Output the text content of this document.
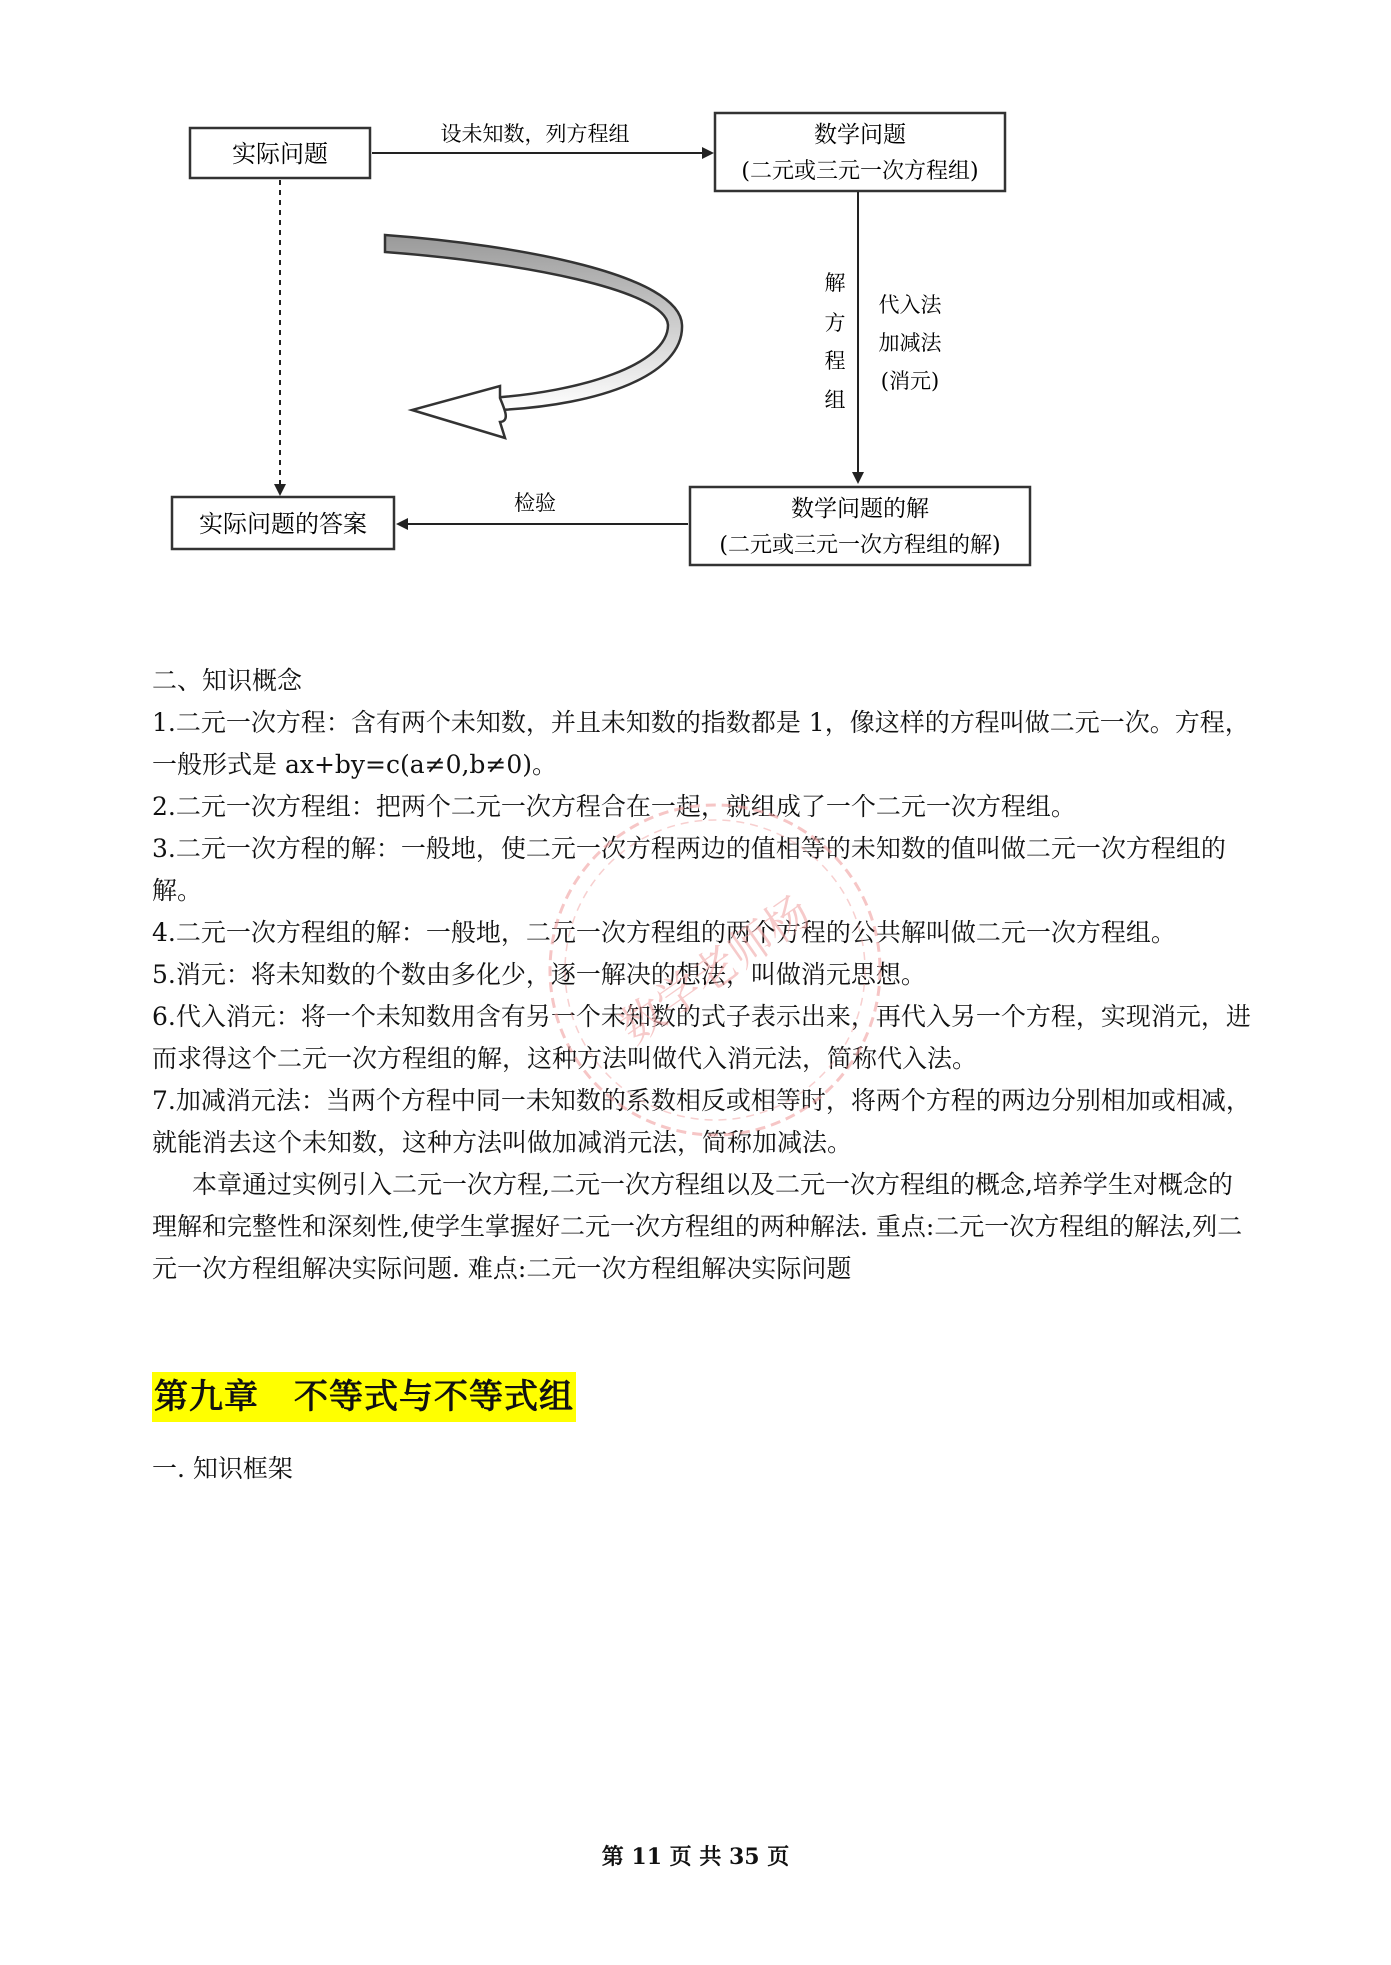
实际问题
数学问题
(二元或三元一次方程组)
设未知数，列方程组
解
方
程
组
代入法
加减法
(消元)
数学问题的解
(二元或三元一次方程组的解)
检验
实际问题的答案

二、知识概念

1.二元一次方程：含有两个未知数，并且未知数的指数都是 1，像这样的方程叫做二元一次。方程，一般形式是 ax+by=c(a≠0,b≠0)。

2.二元一次方程组：把两个二元一次方程合在一起，就组成了一个二元一次方程组。

3.二元一次方程的解：一般地，使二元一次方程两边的值相等的未知数的值叫做二元一次方程组的解。

4.二元一次方程组的解：一般地，二元一次方程组的两个方程的公共解叫做二元一次方程组。

5.消元：将未知数的个数由多化少，逐一解决的想法，叫做消元思想。

6.代入消元：将一个未知数用含有另一个未知数的式子表示出来，再代入另一个方程，实现消元，进而求得这个二元一次方程组的解，这种方法叫做代入消元法，简称代入法。

7.加减消元法：当两个方程中同一未知数的系数相反或相等时，将两个方程的两边分别相加或相减，就能消去这个未知数，这种方法叫做加减消元法，简称加减法。

本章通过实例引入二元一次方程,二元一次方程组以及二元一次方程组的概念,培养学生对概念的理解和完整性和深刻性,使学生掌握好二元一次方程组的两种解法. 重点:二元一次方程组的解法,列二元一次方程组解决实际问题. 难点:二元一次方程组解决实际问题

第九章　不等式与不等式组
一. 知识框架
数学老师杨
第 11 页 共 35 页
